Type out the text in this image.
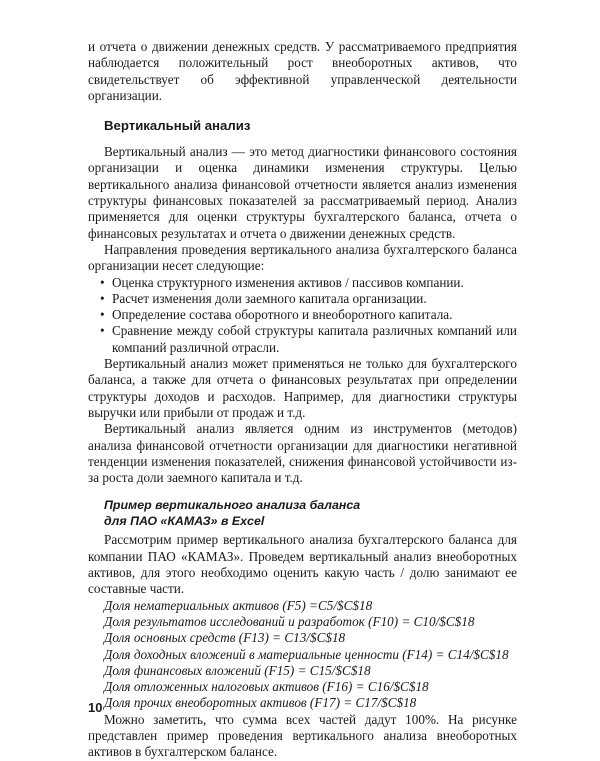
и отчета о движении денежных средств. У рассматриваемого предприятия наблюдается положительный рост внеоборотных активов, что свидетельствует об эффективной управленческой деятельности организации.

Вертикальный анализ

Вертикальный анализ — это метод диагностики финансового состояния организации и оценка динамики изменения структуры. Целью вертикального анализа финансовой отчетности является анализ изменения структуры финансовых показателей за рассматриваемый период. Анализ применяется для оценки структуры бухгалтерского баланса, отчета о финансовых результатах и отчета о движении денежных средств.

Направления проведения вертикального анализа бухгалтерского баланса организации несет следующие:

• Оценка структурного изменения активов / пассивов компании.
• Расчет изменения доли заемного капитала организации.
• Определение состава оборотного и внеоборотного капитала.
• Сравнение между собой структуры капитала различных компаний или компаний различной отрасли.

Вертикальный анализ может применяться не только для бухгалтерского баланса, а также для отчета о финансовых результатах при определении структуры доходов и расходов. Например, для диагностики структуры выручки или прибыли от продаж и т.д.

Вертикальный анализ является одним из инструментов (методов) анализа финансовой отчетности организации для диагностики негативной тенденции изменения показателей, снижения финансовой устойчивости из-за роста доли заемного капитала и т.д.

Пример вертикального анализа баланса
для ПАО «КАМАЗ» в Excel

Рассмотрим пример вертикального анализа бухгалтерского баланса для компании ПАО «КАМАЗ». Проведем вертикальный анализ внеоборотных активов, для этого необходимо оценить какую часть / долю занимают ее составные части.

Доля нематериальных активов (F5) =C5/$C$18
Доля результатов исследований и разработок (F10) = C10/$C$18
Доля основных средств (F13) = C13/$C$18
Доля доходных вложений в материальные ценности (F14) = C14/$C$18
Доля финансовых вложений (F15) = C15/$C$18
Доля отложенных налоговых активов (F16) = C16/$C$18
Доля прочих внеоборотных активов (F17) = C17/$C$18

Можно заметить, что сумма всех частей дадут 100%. На рисунке представлен пример проведения вертикального анализа внеоборотных активов в бухгалтерском балансе.

10
